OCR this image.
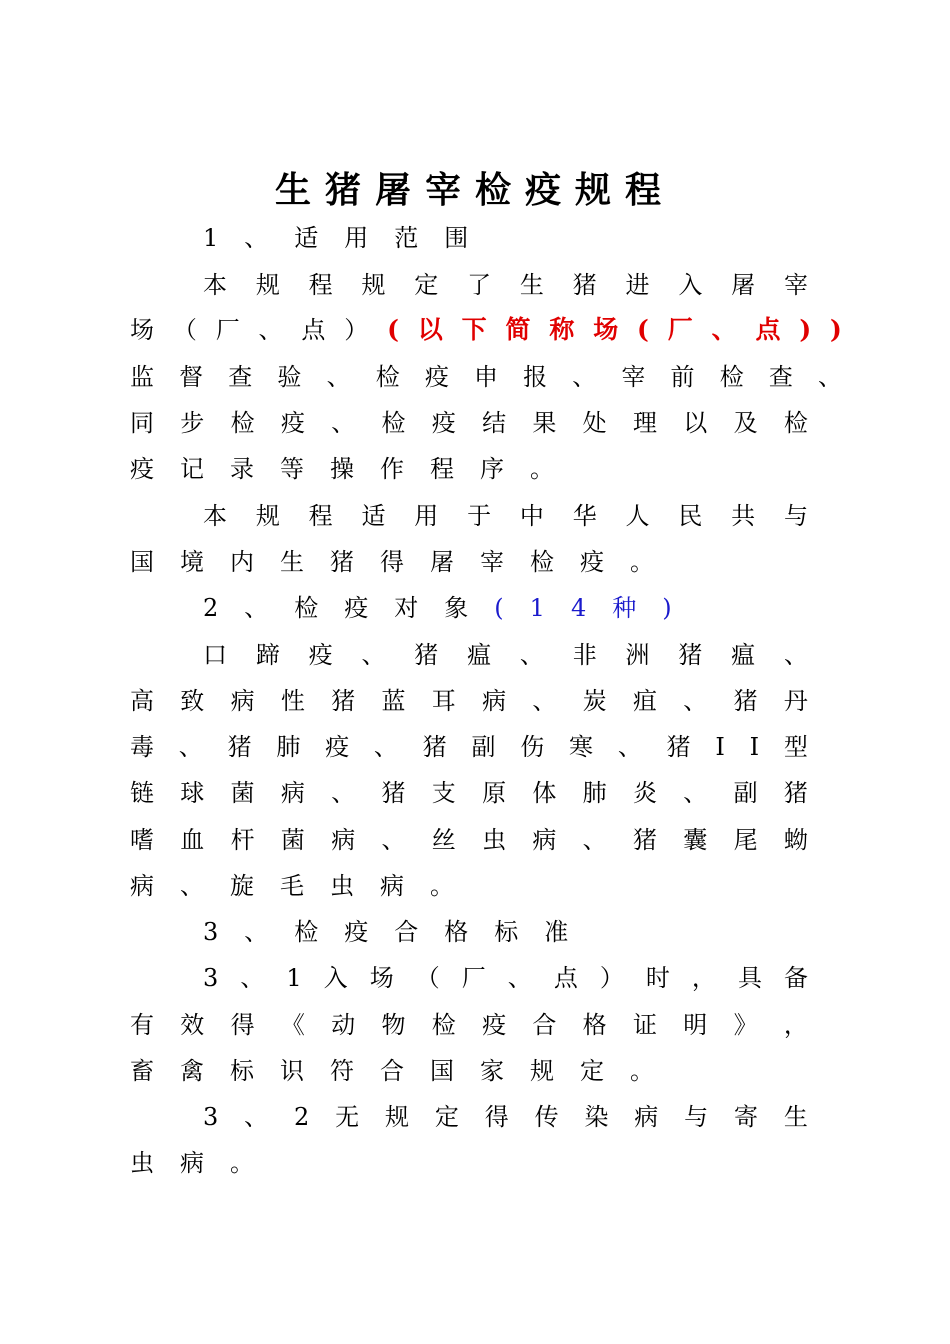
生猪屠宰检疫规程
1 、 适 用 范 围
本 规 程 规 定 了 生 猪 进 入 屠 宰
场 （ 厂 、 点 ） ( 以 下 简 称 场 ( 厂 、 点 ) )
监 督 查 验 、 检 疫 申 报 、 宰 前 检 查 、
同 步 检 疫 、 检 疫 结 果 处 理 以 及 检
疫 记 录 等 操 作 程 序 。
本 规 程 适 用 于 中 华 人 民 共 与
国 境 内 生 猪 得 屠 宰 检 疫 。
2 、 检 疫 对 象 ( 1 4 种 )
口 蹄 疫 、 猪 瘟 、 非 洲 猪 瘟 、
高 致 病 性 猪 蓝 耳 病 、 炭 疽 、 猪 丹
毒 、 猪 肺 疫 、 猪 副 伤 寒 、 猪 I I 型
链 球 菌 病 、 猪 支 原 体 肺 炎 、 副 猪
嗜 血 杆 菌 病 、 丝 虫 病 、 猪 囊 尾 蚴
病 、 旋 毛 虫 病 。
3 、 检 疫 合 格 标 准
3 、 1 入 场 （ 厂 、 点 ） 时 ， 具 备
有 效 得 《 动 物 检 疫 合 格 证 明 》 ，
畜 禽 标 识 符 合 国 家 规 定 。
3 、 2 无 规 定 得 传 染 病 与 寄 生
虫 病 。
